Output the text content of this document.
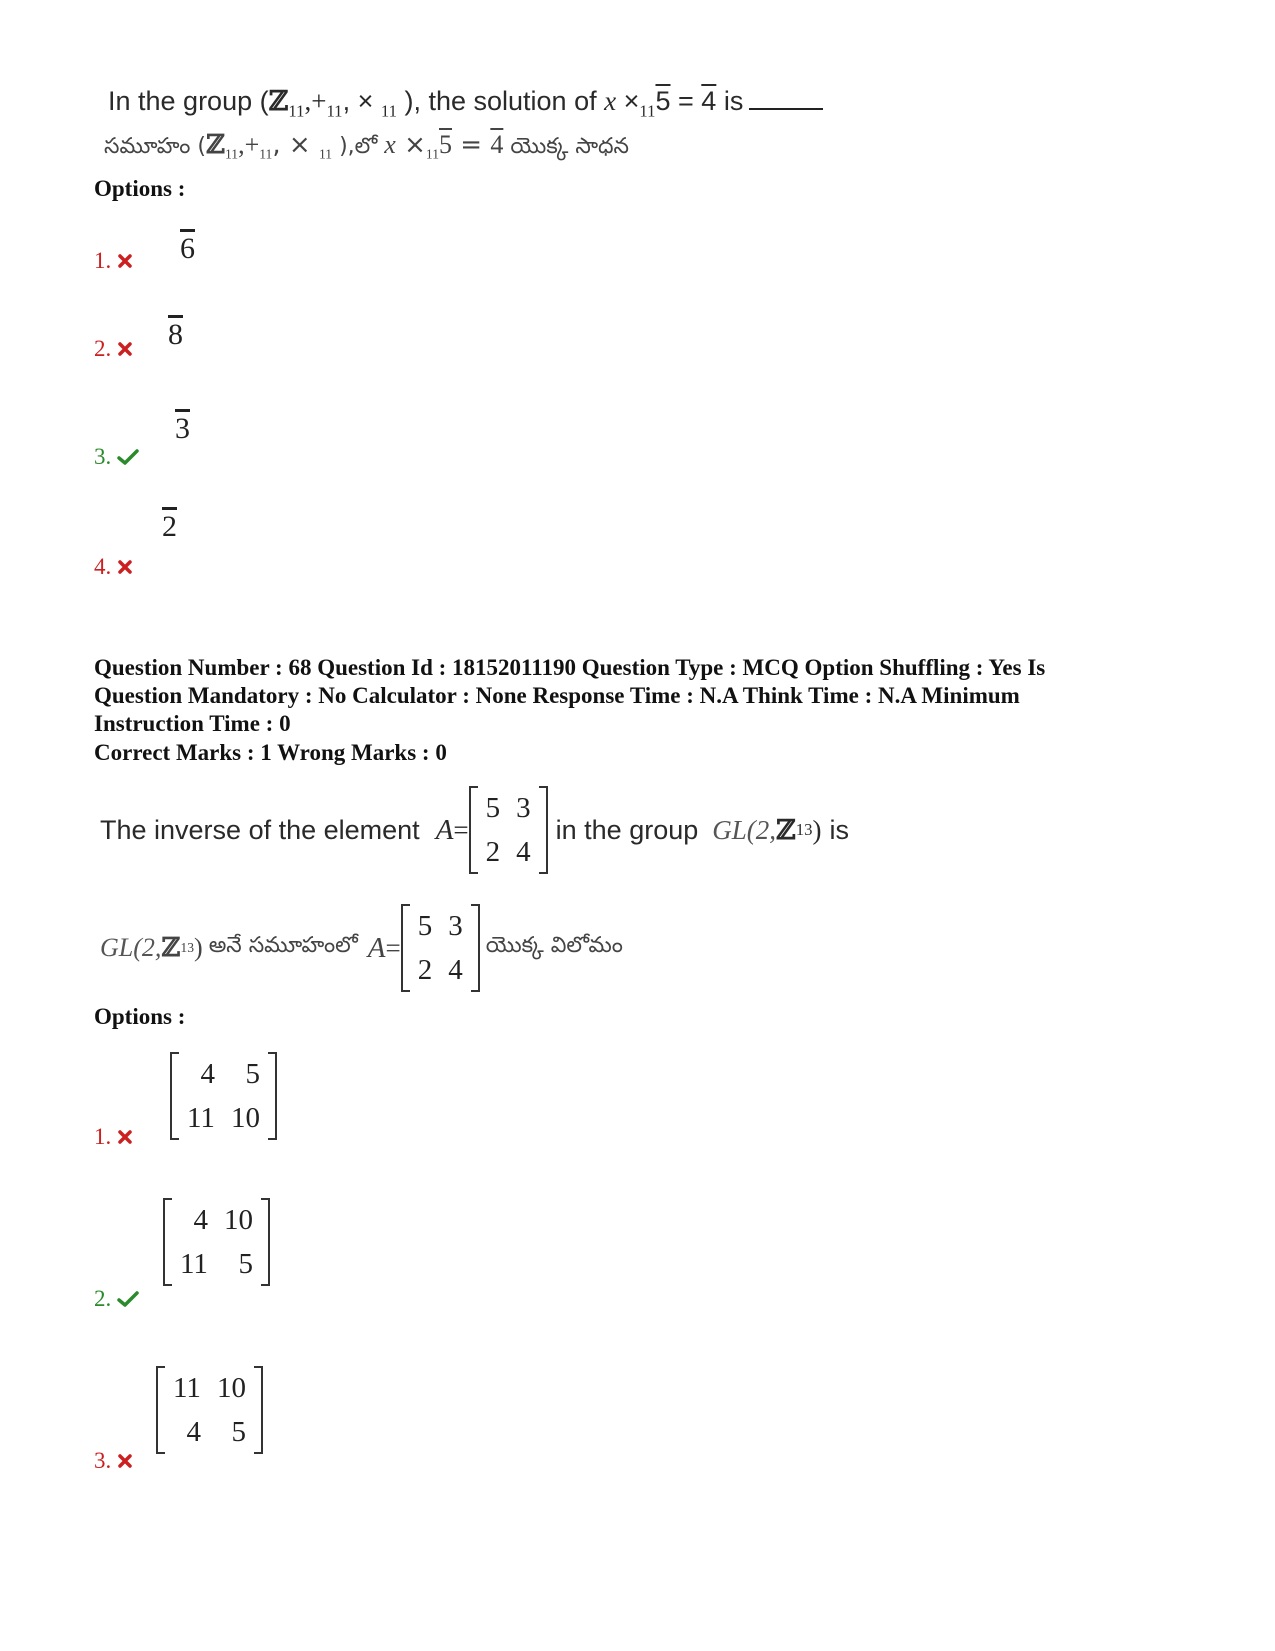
In the group ($ℤ_{11},+_{11}$, × $_{11}$ ), the solution of $x \times_{11}5 = 4$ is
సమూహం ($ℤ_{11},+_{11}$, × $_{11}$ ),లో $x \times_{11}5 = 4$ యొక్క సాధన
Options :
6
1.
8
2.
3
3.
2
4.
Question Number : 68 Question Id : 18152011190 Question Type : MCQ Option Shuffling : Yes Is
Question Mandatory : No Calculator : None Response Time : N.A Think Time : N.A Minimum
Instruction Time : 0
Correct Marks : 1 Wrong Marks : 0
The inverse of the element A =
5	3
2	4
in the group GL(2, ℤ 13 ) is
GL(2, ℤ 13 ) అనే సమూహంలో A =
5	3
2	4
యొక్క విలోమం
Options :
4	5
11	10
1.
4	10
11	5
2.
11	10
4	5
3.
